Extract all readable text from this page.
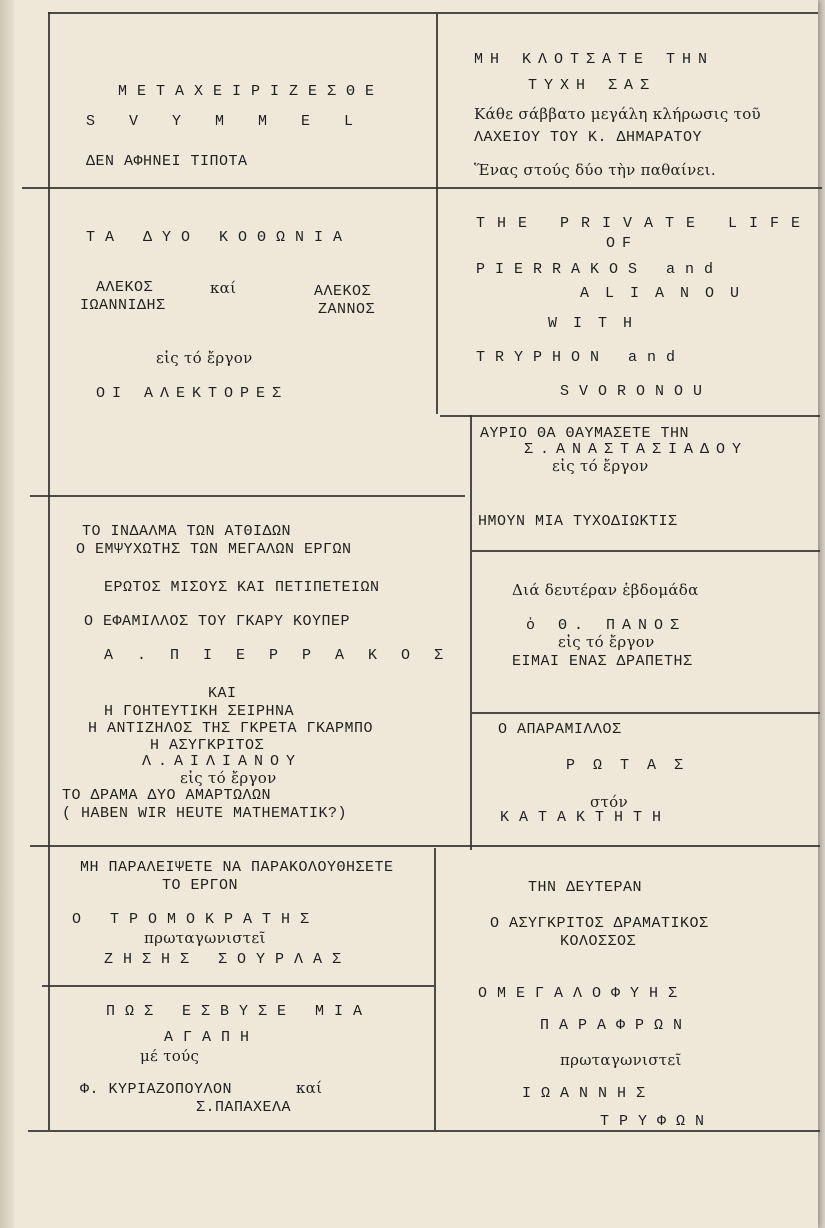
ΜΕΤΑΧΕΙΡΙΖΕΣΘΕ

SVYMMEL

ΔΕΝ ΑΦΗΝΕΙ ΤΙΠΟΤΑ

ΜΗ ΚΛΟΤΣΑΤΕ ΤΗΝ

ΤΥΧΗ ΣΑΣ

Κάθε σάββατο μεγάλη κλήρωσις τοῦ

ΛΑΧΕΙΟΥ ΤΟΥ Κ. ΔΗΜΑΡΑΤΟΥ

Ἕνας στούς δύο τὴν παθαίνει.

ΤΑ ΔΥΟ ΚΟΘΩΝΙΑ

ΑΛΕΚΟΣ

ΙΩΑΝΝΙΔΗΣ

καί	ΑΛΕΚΟΣ

ΖΑΝΝΟΣ

εἰς τό ἔργον

ΟΙ ΑΛΕΚΤΟΡΕΣ

THE PRIVATE LIFE

OF

PIERRAKOS and

ALIANOU

WITH

TRYPHON and

SVORONOU

ΑΥΡΙΟ ΘΑ ΘΑΥΜΑΣΕΤΕ ΤΗΝ

Σ.ΑΝΑΣΤΑΣΙΑΔΟΥ

εἰς τό ἔργον

ΗΜΟΥΝ ΜΙΑ ΤΥΧΟΔΙΩΚΤΙΣ

ΤΟ ΙΝΔΑΛΜΑ ΤΩΝ ΑΤΘΙΔΩΝ

Ο ΕΜΨΥΧΩΤΗΣ ΤΩΝ ΜΕΓΑΛΩΝ ΕΡΓΩΝ

ΕΡΩΤΟΣ ΜΙΣΟΥΣ ΚΑΙ ΠΕΤΙΠΕΤΕΙΩΝ

Ο ΕΦΑΜΙΛΛΟΣ ΤΟΥ ΓΚΑΡΥ ΚΟΥΠΕΡ

Α.ΠΙΕΡΡΑΚΟΣ

ΚΑΙ

Η ΓΟΗΤΕΥΤΙΚΗ ΣΕΙΡΗΝΑ

Η ΑΝΤΙΖΗΛΟΣ ΤΗΣ ΓΚΡΕΤΑ ΓΚΑΡΜΠΟ

Η ΑΣΥΓΚΡΙΤΟΣ

Λ.ΑΙΛΙΑΝΟΥ

εἰς τό ἔργον

ΤΟ ΔΡΑΜΑ ΔΥΟ ΑΜΑΡΤΩΛΩΝ

( HABEN WIR HEUTE MATHEMATIK?)

Διά δευτέραν ἑβδομάδα

ὁ Θ. ΠΑΝΟΣ

εἰς τό ἔργον

ΕΙΜΑΙ ΕΝΑΣ ΔΡΑΠΕΤΗΣ

Ο ΑΠΑΡΑΜΙΛΛΟΣ

ΡΩΤΑΣ

στόν

ΚΑΤΑΚΤΗΤΗ

ΜΗ ΠΑΡΑΛΕΙΨΕΤΕ ΝΑ ΠΑΡΑΚΟΛΟΥΘΗΣΕΤΕ

ΤΟ ΕΡΓΟΝ

Ο ΤΡΟΜΟΚΡΑΤΗΣ

πρωταγωνιστεῖ

ΖΗΣΗΣ ΣΟΥΡΛΑΣ

ΠΩΣ ΕΣΒΥΣΕ ΜΙΑ

ΑΓΑΠΗ

μέ τούς

Φ. ΚΥΡΙΑΖΟΠΟΥΛΟΝ	καί

Σ.ΠΑΠΑΧΕΛΑ

ΤΗΝ ΔΕΥΤΕΡΑΝ

Ο ΑΣΥΓΚΡΙΤΟΣ ΔΡΑΜΑΤΙΚΟΣ

ΚΟΛΟΣΣΟΣ

ΟΜΕΓΑΛΟΦΥΗΣ

ΠΑΡΑΦΡΩΝ

πρωταγωνιστεῖ

ΙΩΑΝΝΗΣ

ΤΡΥΦΩΝ
